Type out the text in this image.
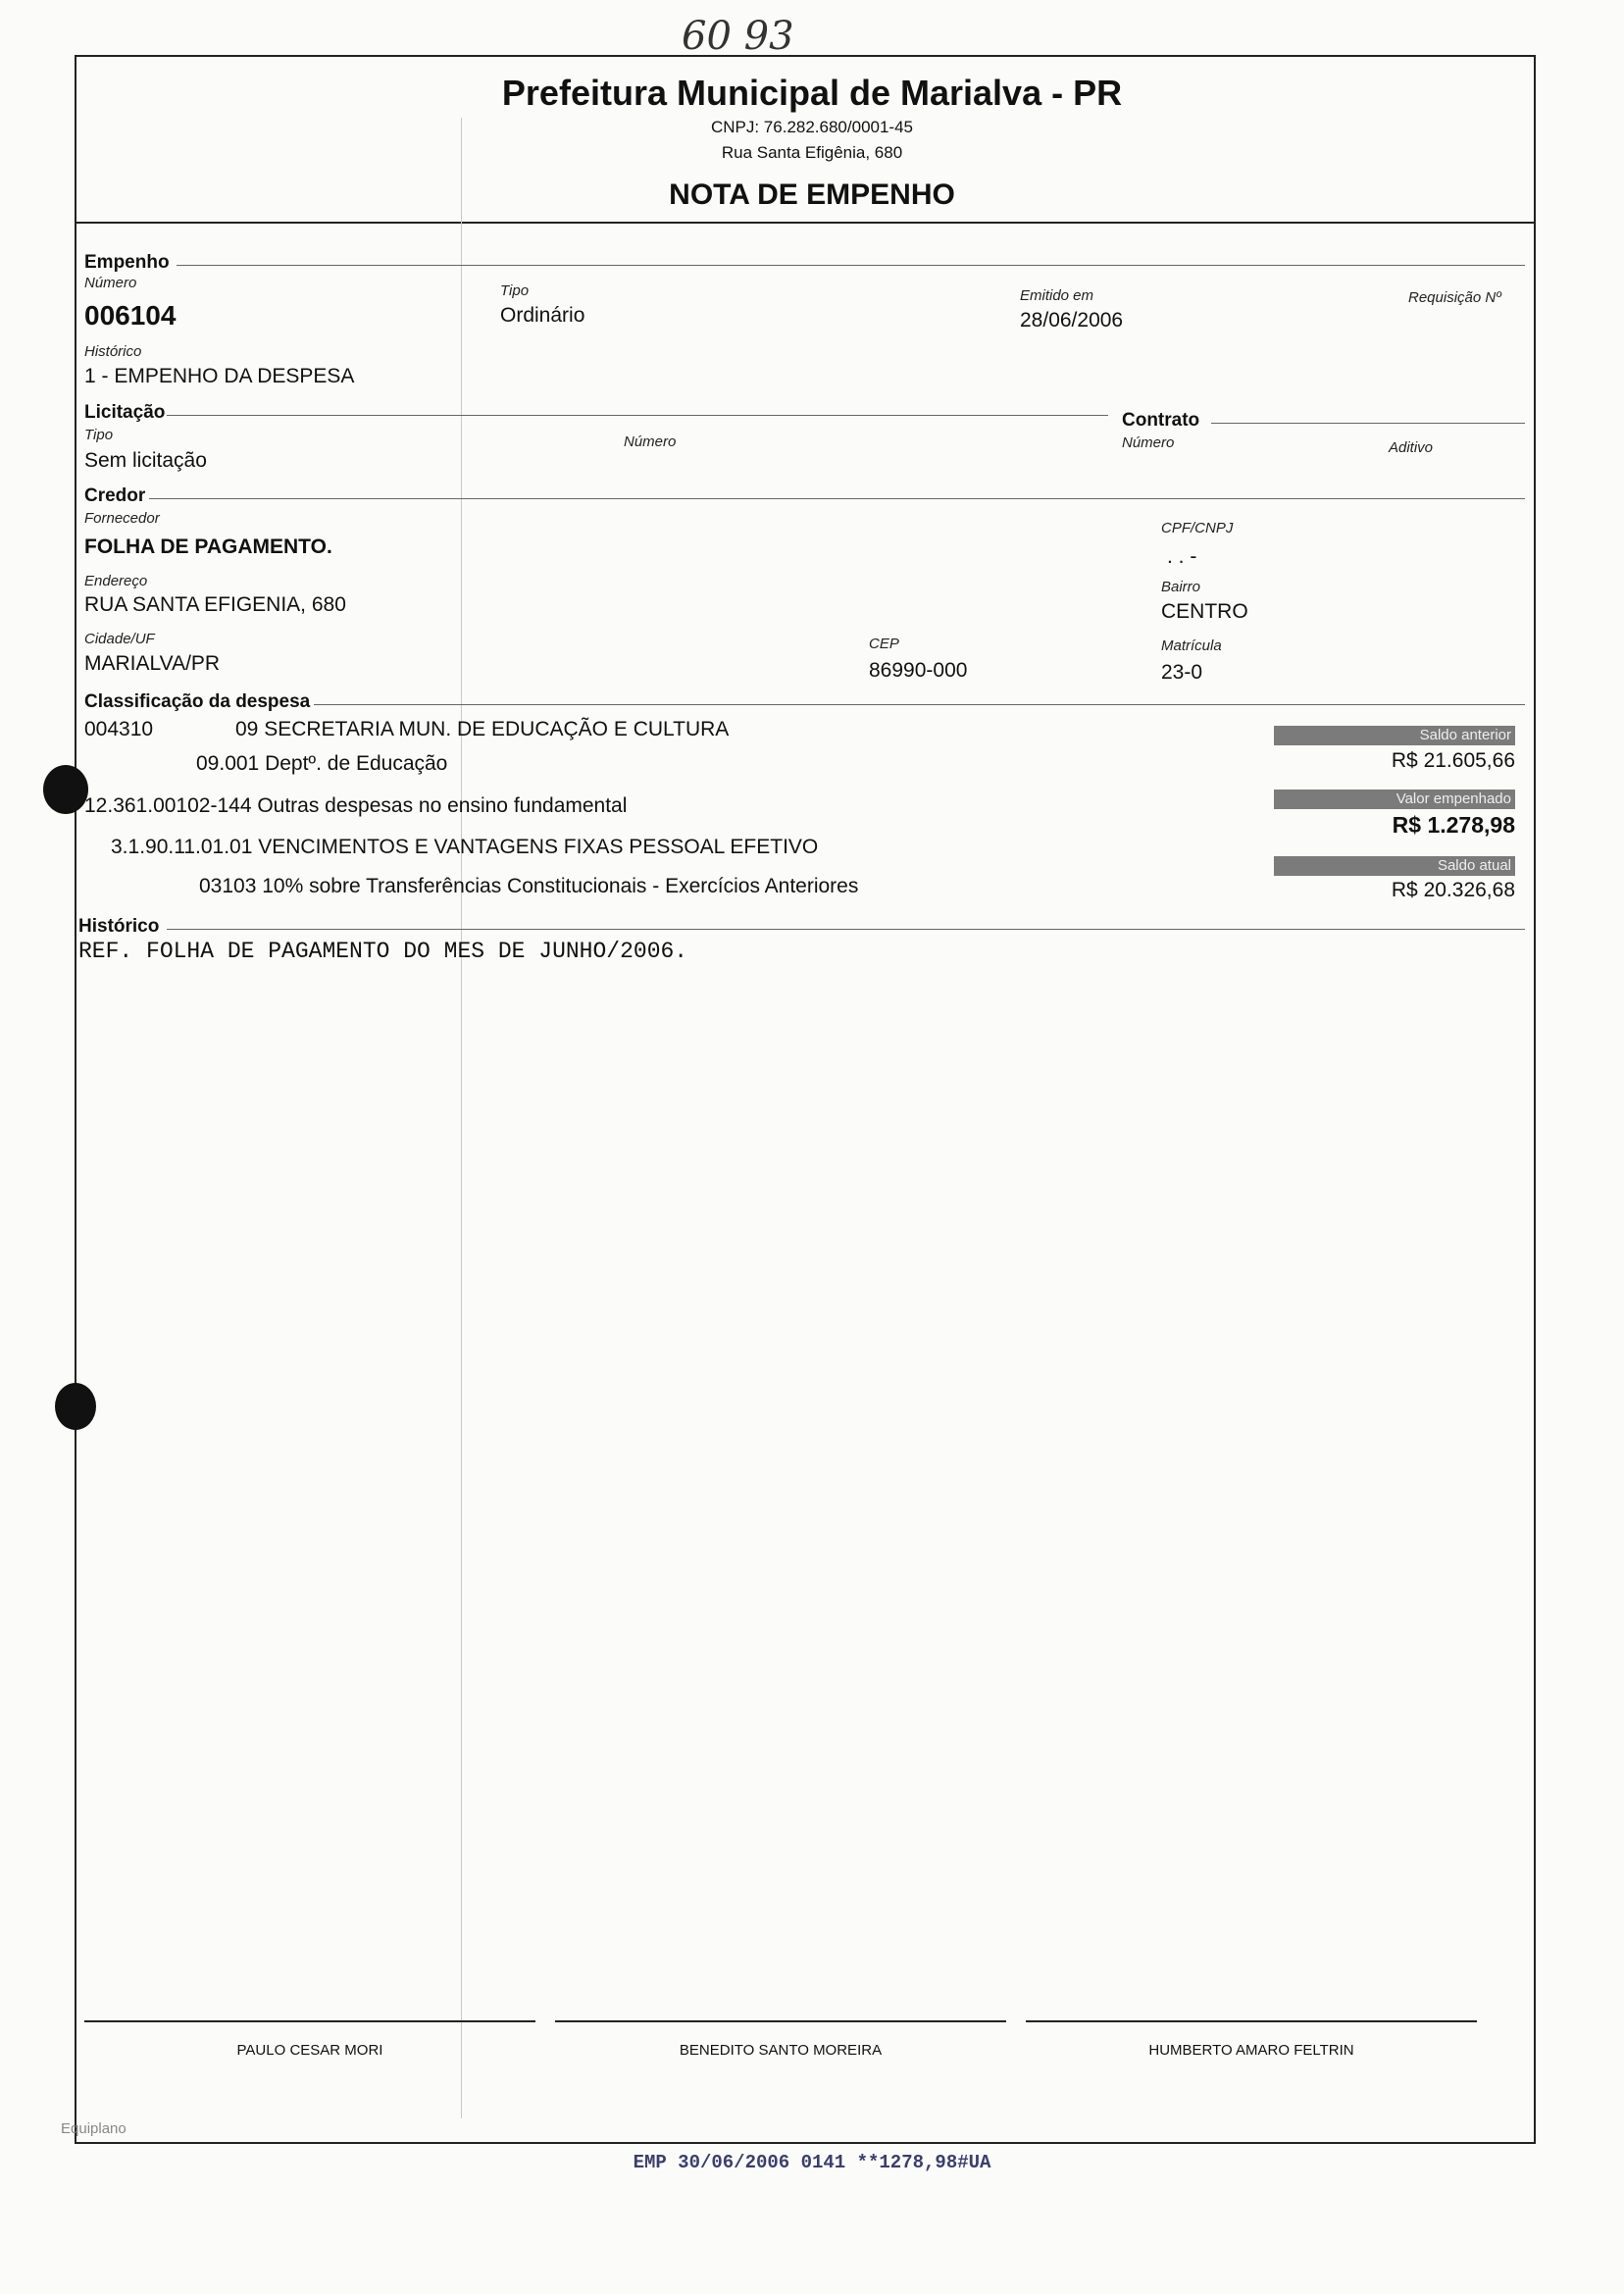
60 93
Prefeitura Municipal de Marialva - PR
CNPJ: 76.282.680/0001-45
Rua Santa Efigênia, 680
NOTA DE EMPENHO
Empenho
Número
006104
Tipo
Ordinário
Emitido em
28/06/2006
Requisição Nº
Histórico
1 - EMPENHO DA DESPESA
Licitação
Tipo
Sem licitação
Número
Contrato
Número	Aditivo
Credor
Fornecedor
FOLHA DE PAGAMENTO.
CPF/CNPJ
. . -
Endereço
RUA SANTA EFIGENIA, 680
Bairro
CENTRO
Cidade/UF
MARIALVA/PR
CEP
86990-000
Matrícula
23-0
Classificação da despesa
004310	09 SECRETARIA MUN. DE EDUCAÇÃO E CULTURA
09.001 Deptº. de Educação
12.361.00102-144 Outras despesas no ensino fundamental
3.1.90.11.01.01 VENCIMENTOS E VANTAGENS FIXAS PESSOAL EFETIVO
03103 10% sobre Transferências Constitucionais - Exercícios Anteriores
Saldo anterior
R$ 21.605,66
Valor empenhado
R$ 1.278,98
Saldo atual
R$ 20.326,68
Histórico
REF. FOLHA DE PAGAMENTO DO MES DE JUNHO/2006.
PAULO CESAR MORI	BENEDITO SANTO MOREIRA	HUMBERTO AMARO FELTRIN
Equiplano
EMP 30/06/2006 0141 **1278,98#UA
